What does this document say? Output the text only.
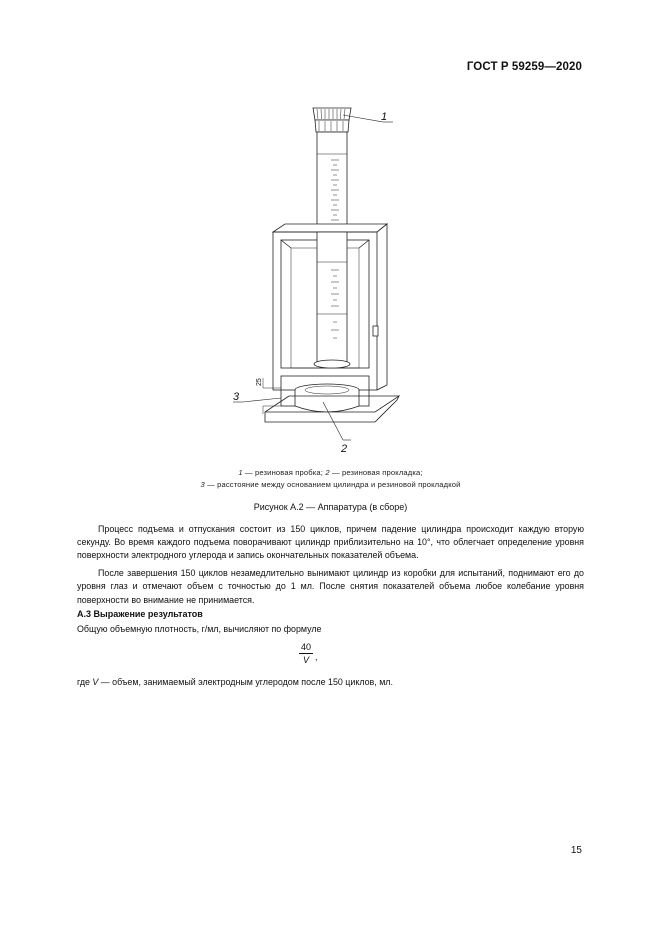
ГОСТ Р 59259—2020
1
2
3
25
1 — резиновая пробка; 2 — резиновая прокладка;
3 — расстояние между основанием цилиндра и резиновой прокладкой
Рисунок А.2 — Аппаратура (в сборе)

Процесс подъема и отпускания состоит из 150 циклов, причем падение цилиндра происходит каждую вторую секунду. Во время каждого подъема поворачивают цилиндр приблизительно на 10°, что облегчает определение уровня поверхности электродного углерода и запись окончательных показателей объема.

После завершения 150 циклов незамедлительно вынимают цилиндр из коробки для испытаний, поднимают его до уровня глаз и отмечают объем с точностью до 1 мл. После снятия показателей объема любое колебание уровня поверхности во внимание не принимается.

А.3 Выражение результатов
Общую объемную плотность, г/мл, вычисляют по формуле
40
V ,
где V — объем, занимаемый электродным углеродом после 150 циклов, мл.
15
